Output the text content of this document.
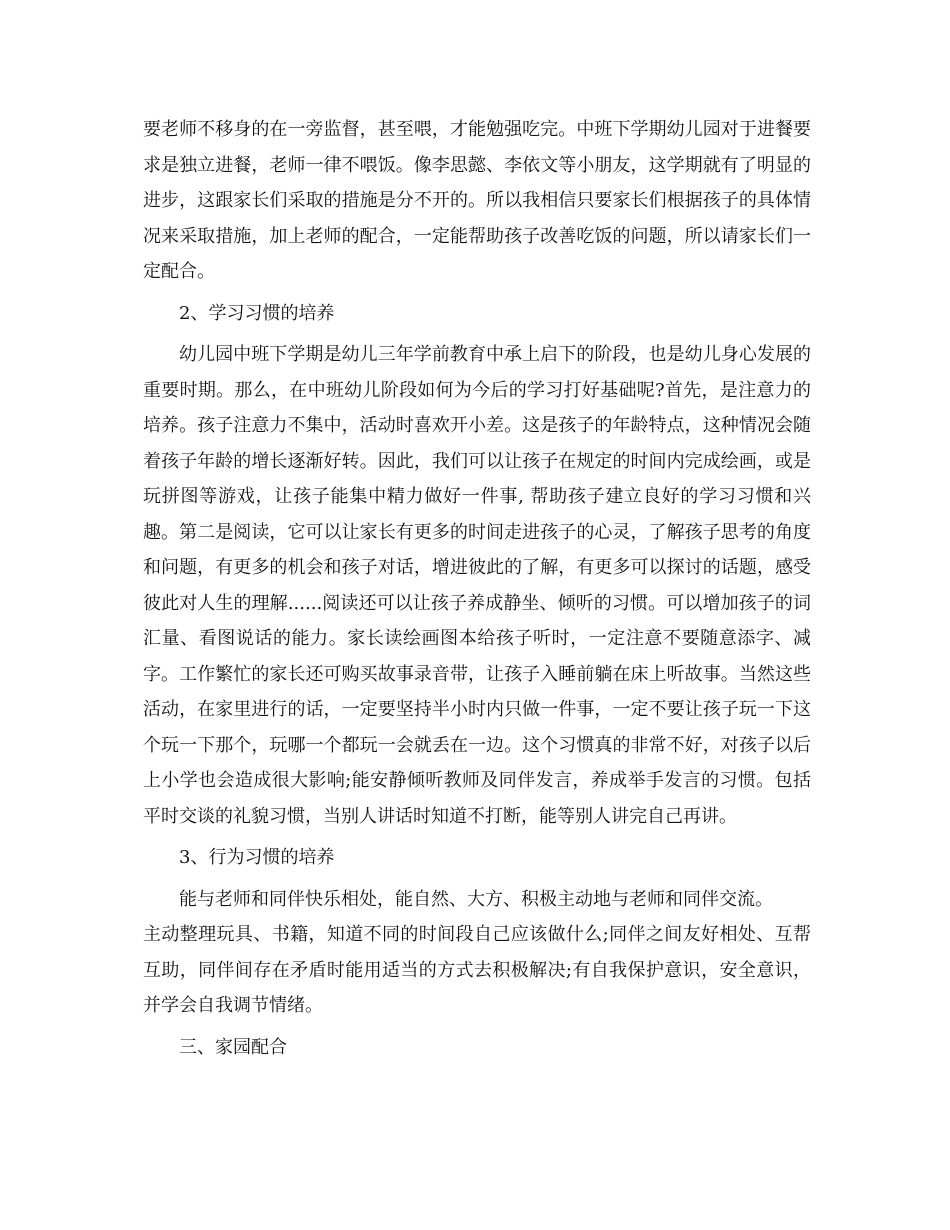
要老师不移身的在一旁监督，甚至喂，才能勉强吃完。中班下学期幼儿园对于进餐要求是独立进餐，老师一律不喂饭。像李思懿、李依文等小朋友，这学期就有了明显的进步，这跟家长们采取的措施是分不开的。所以我相信只要家长们根据孩子的具体情况来采取措施，加上老师的配合，一定能帮助孩子改善吃饭的问题，所以请家长们一定配合。

2、学习习惯的培养

幼儿园中班下学期是幼儿三年学前教育中承上启下的阶段，也是幼儿身心发展的重要时期。那么，在中班幼儿阶段如何为今后的学习打好基础呢?首先，是注意力的培养。孩子注意力不集中，活动时喜欢开小差。这是孩子的年龄特点，这种情况会随着孩子年龄的增长逐渐好转。因此，我们可以让孩子在规定的时间内完成绘画，或是玩拼图等游戏，让孩子能集中精力做好一件事, 帮助孩子建立良好的学习习惯和兴趣。第二是阅读，它可以让家长有更多的时间走进孩子的心灵，了解孩子思考的角度和问题，有更多的机会和孩子对话，增进彼此的了解，有更多可以探讨的话题，感受彼此对人生的理解......阅读还可以让孩子养成静坐、倾听的习惯。可以增加孩子的词汇量、看图说话的能力。家长读绘画图本给孩子听时，一定注意不要随意添字、减字。工作繁忙的家长还可购买故事录音带，让孩子入睡前躺在床上听故事。当然这些活动，在家里进行的话，一定要坚持半小时内只做一件事，一定不要让孩子玩一下这个玩一下那个，玩哪一个都玩一会就丢在一边。这个习惯真的非常不好，对孩子以后上小学也会造成很大影响;能安静倾听教师及同伴发言，养成举手发言的习惯。包括平时交谈的礼貌习惯，当别人讲话时知道不打断，能等别人讲完自己再讲。

3、行为习惯的培养

能与老师和同伴快乐相处，能自然、大方、积极主动地与老师和同伴交流。

主动整理玩具、书籍，知道不同的时间段自己应该做什么;同伴之间友好相处、互帮互助，同伴间存在矛盾时能用适当的方式去积极解决;有自我保护意识，安全意识，并学会自我调节情绪。

三、家园配合
